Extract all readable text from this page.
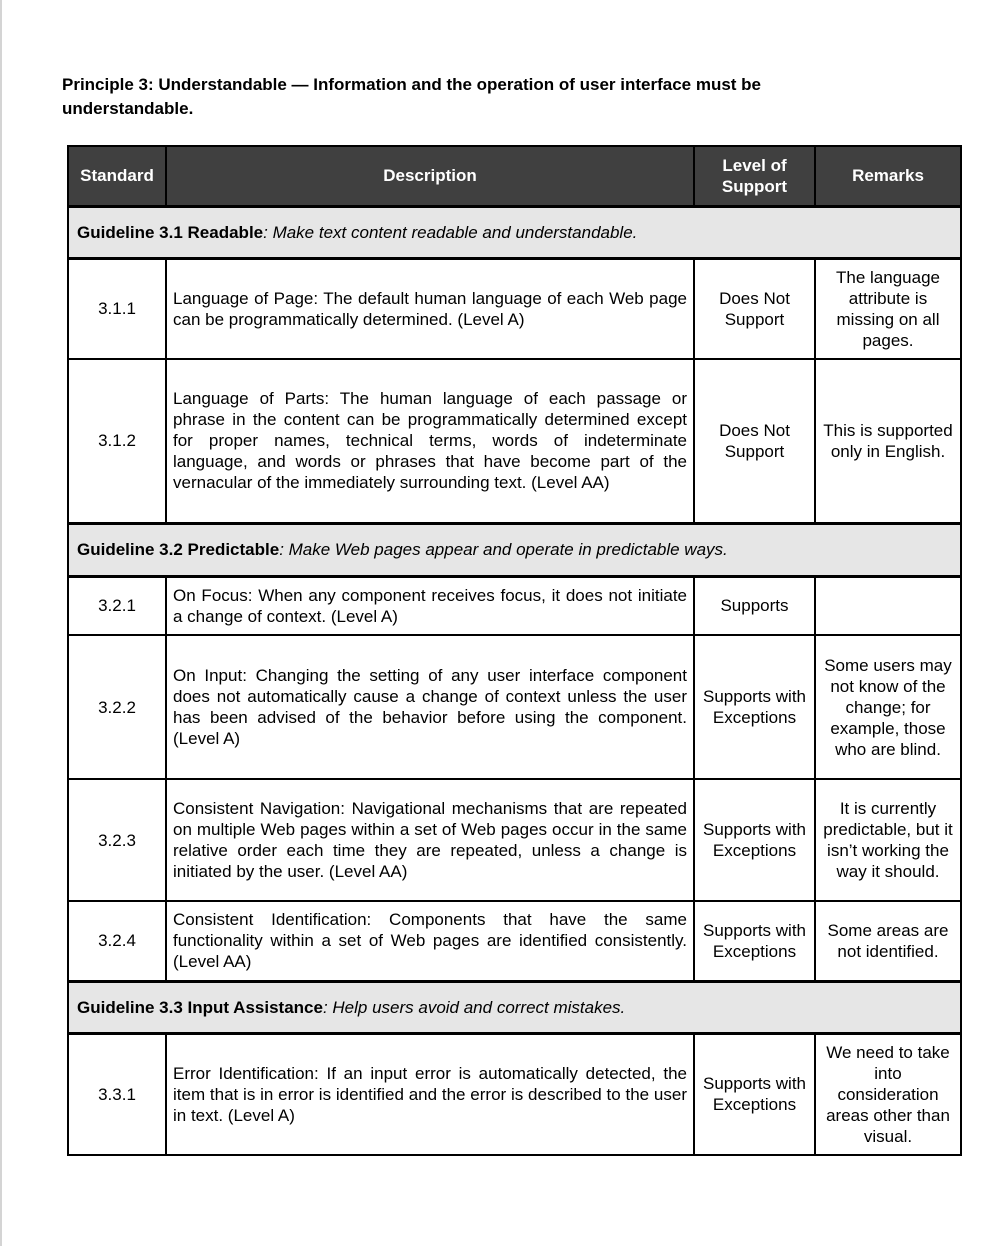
Principle 3: Understandable — Information and the operation of user interface must be understandable.
Standard	Description	Level of Support	Remarks
Guideline 3.1 Readable: Make text content readable and understandable.			
3.1.1	Language of Page: The default human language of each Web page can be programmatically determined. (Level A)	Does Not Support	The language attribute is missing on all pages.
3.1.2	Language of Parts: The human language of each passage or phrase in the content can be programmatically determined except for proper names, technical terms, words of indeterminate language, and words or phrases that have become part of the vernacular of the immediately surrounding text. (Level AA)	Does Not Support	This is supported only in English.
Guideline 3.2 Predictable: Make Web pages appear and operate in predictable ways.			
3.2.1	On Focus: When any component receives focus, it does not initiate a change of context. (Level A)	Supports	
3.2.2	On Input: Changing the setting of any user interface component does not automatically cause a change of context unless the user has been advised of the behavior before using the component. (Level A)	Supports with Exceptions	Some users may not know of the change; for example, those who are blind.
3.2.3	Consistent Navigation: Navigational mechanisms that are repeated on multiple Web pages within a set of Web pages occur in the same relative order each time they are repeated, unless a change is initiated by the user. (Level AA)	Supports with Exceptions	It is currently predictable, but it isn’t working the way it should.
3.2.4	Consistent Identification: Components that have the same functionality within a set of Web pages are identified consistently. (Level AA)	Supports with Exceptions	Some areas are not identified.
Guideline 3.3 Input Assistance: Help users avoid and correct mistakes.			
3.3.1	Error Identification: If an input error is automatically detected, the item that is in error is identified and the error is described to the user in text. (Level A)	Supports with Exceptions	We need to take into consideration areas other than visual.
